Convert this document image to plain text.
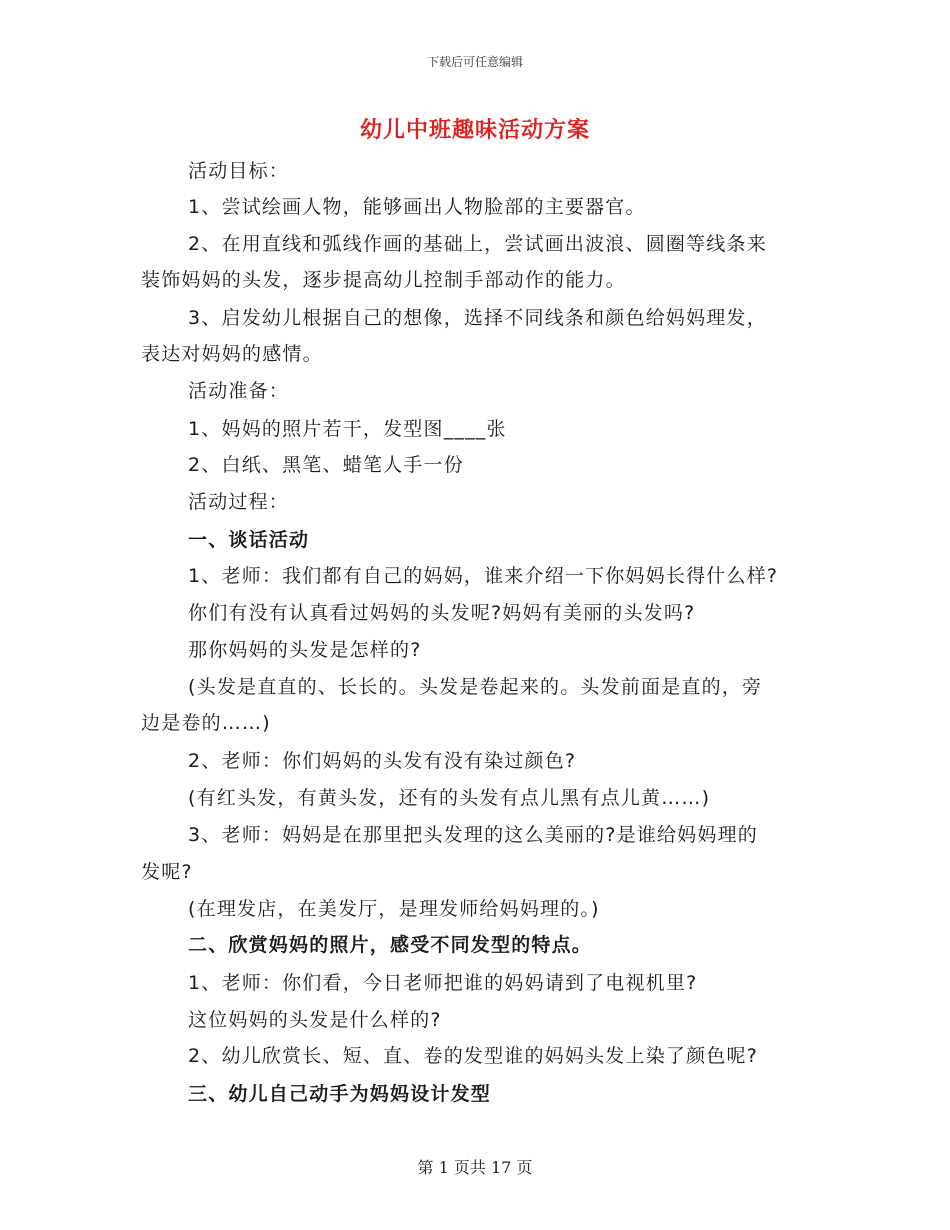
下载后可任意编辑
幼儿中班趣味活动方案
活动目标：
1、尝试绘画人物，能够画出人物脸部的主要器官。
2、在用直线和弧线作画的基础上，尝试画出波浪、圆圈等线条来
装饰妈妈的头发，逐步提高幼儿控制手部动作的能力。
3、启发幼儿根据自己的想像，选择不同线条和颜色给妈妈理发，
表达对妈妈的感情。
活动准备：
1、妈妈的照片若干，发型图____张
2、白纸、黑笔、蜡笔人手一份
活动过程：
一、谈话活动
1、老师：我们都有自己的妈妈，谁来介绍一下你妈妈长得什么样?
你们有没有认真看过妈妈的头发呢?妈妈有美丽的头发吗?
那你妈妈的头发是怎样的?
(头发是直直的、长长的。头发是卷起来的。头发前面是直的，旁
边是卷的……)
2、老师：你们妈妈的头发有没有染过颜色?
(有红头发，有黄头发，还有的头发有点儿黑有点儿黄……)
3、老师：妈妈是在那里把头发理的这么美丽的?是谁给妈妈理的
发呢?
(在理发店，在美发厅，是理发师给妈妈理的。)
二、欣赏妈妈的照片，感受不同发型的特点。
1、老师：你们看，今日老师把谁的妈妈请到了电视机里?
这位妈妈的头发是什么样的?
2、幼儿欣赏长、短、直、卷的发型谁的妈妈头发上染了颜色呢?
三、幼儿自己动手为妈妈设计发型
第 1 页共 17 页
